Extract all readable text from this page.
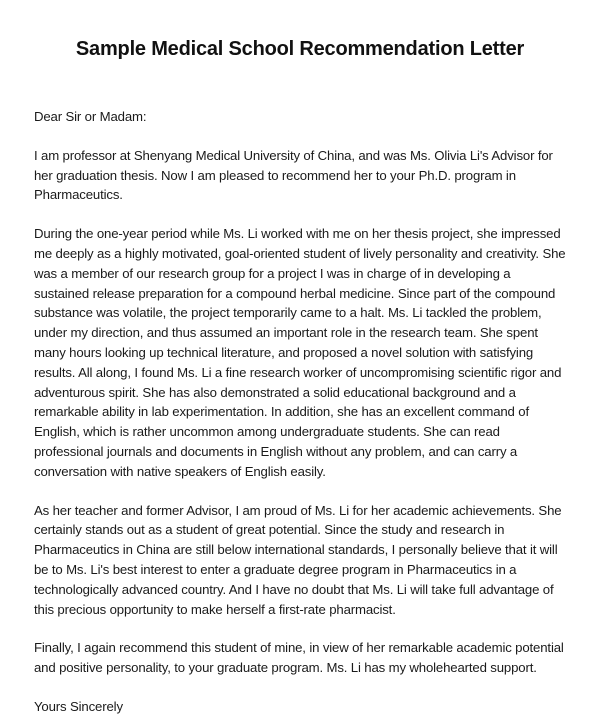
Sample Medical School Recommendation Letter

Dear Sir or Madam:

I am professor at Shenyang Medical University of China, and was Ms. Olivia Li's Advisor for her graduation thesis. Now I am pleased to recommend her to your Ph.D. program in Pharmaceutics.

During the one-year period while Ms. Li worked with me on her thesis project, she impressed me deeply as a highly motivated, goal-oriented student of lively personality and creativity. She was a member of our research group for a project I was in charge of in developing a sustained release preparation for a compound herbal medicine. Since part of the compound substance was volatile, the project temporarily came to a halt. Ms. Li tackled the problem, under my direction, and thus assumed an important role in the research team. She spent many hours looking up technical literature, and proposed a novel solution with satisfying results. All along, I found Ms. Li a fine research worker of uncompromising scientific rigor and adventurous spirit. She has also demonstrated a solid educational background and a remarkable ability in lab experimentation. In addition, she has an excellent command of English, which is rather uncommon among undergraduate students. She can read professional journals and documents in English without any problem, and can carry a conversation with native speakers of English easily.

As her teacher and former Advisor, I am proud of Ms. Li for her academic achievements. She certainly stands out as a student of great potential. Since the study and research in Pharmaceutics in China are still below international standards, I personally believe that it will be to Ms. Li's best interest to enter a graduate degree program in Pharmaceutics in a technologically advanced country. And I have no doubt that Ms. Li will take full advantage of this precious opportunity to make herself a first-rate pharmacist.

Finally, I again recommend this student of mine, in view of her remarkable academic potential and positive personality, to your graduate program. Ms. Li has my wholehearted support.

Yours Sincerely
